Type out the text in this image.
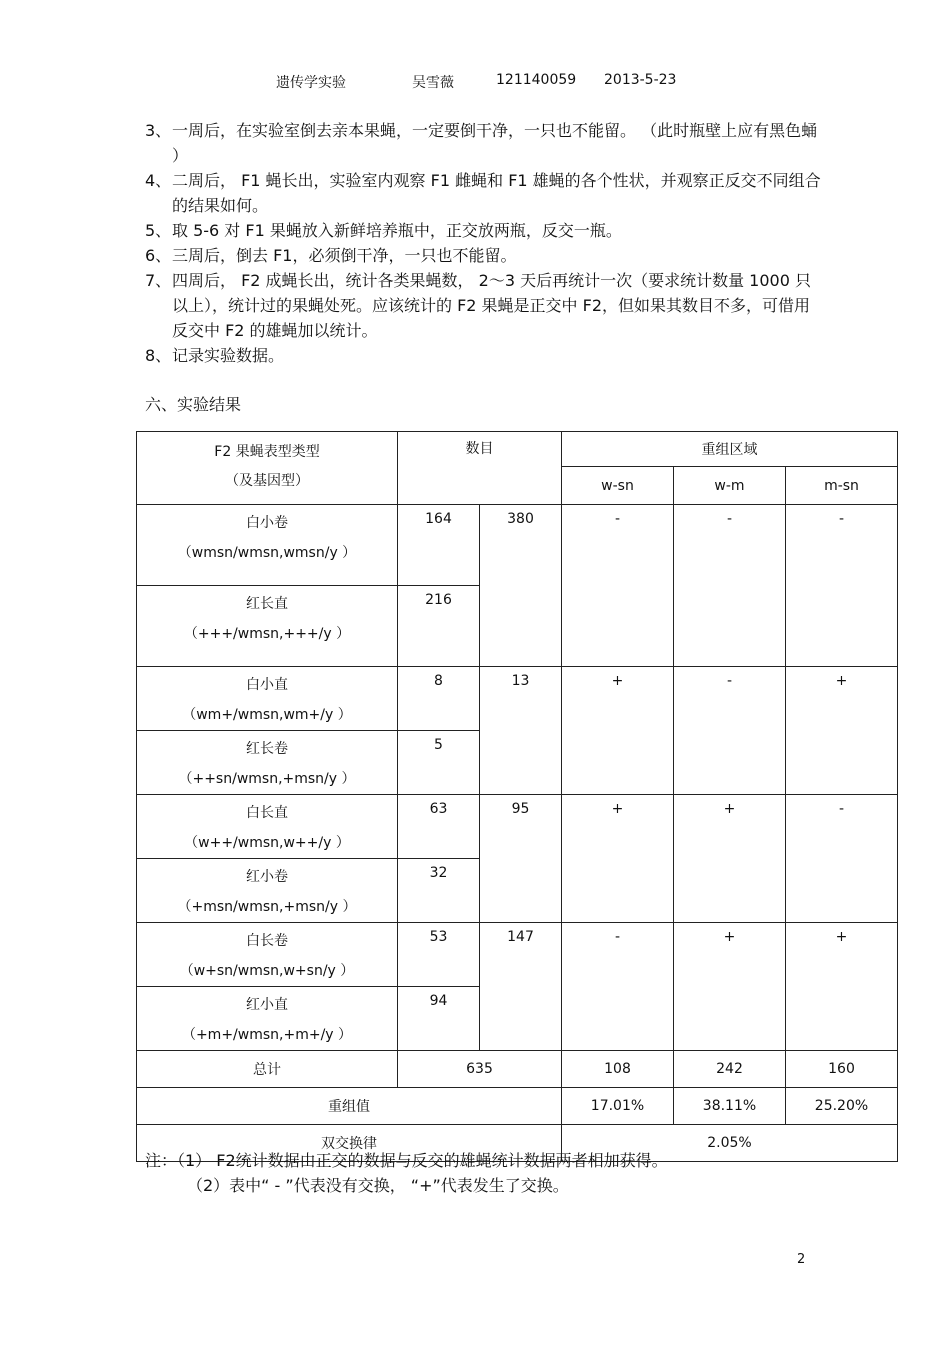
遗传学实验	吴雪薇	121140059 2013-5-23
3、 一周后，在实验室倒去亲本果蝇，一定要倒干净，一只也不能留。 （此时瓶壁上应有黑色蛹 ）
4、 二周后， F1 蝇长出，实验室内观察 F1 雌蝇和 F1 雄蝇的各个性状，并观察正反交不同组合的结果如何。
5、 取 5-6 对 F1 果蝇放入新鲜培养瓶中，正交放两瓶，反交一瓶。
6、 三周后，倒去 F1，必须倒干净，一只也不能留。
7、 四周后， F2 成蝇长出，统计各类果蝇数， 2～3 天后再统计一次（要求统计数量 1000 只以上），统计过的果蝇处死。应该统计的 F2 果蝇是正交中 F2，但如果其数目不多，可借用反交中 F2 的雄蝇加以统计。
8、 记录实验数据。
六、实验结果
F2 果蝇表型类型
（及基因型）	数目		重组区域		
			w-sn	w-m	m-sn

白小卷
（wmsn/wmsn,wmsn/y ）	164	380	-	-	-

红长直
（+++/wmsn,+++/y ）	216				

白小直
（wm+/wmsn,wm+/y ）	8	13	+	-	+

红长卷
（++sn/wmsn,+msn/y ）	5				

白长直
（w++/wmsn,w++/y ）	63	95	+	+	-

红小卷
（+msn/wmsn,+msn/y ）	32				

白长卷
（w+sn/wmsn,w+sn/y ）	53	147	-	+	+

红小直
（+m+/wmsn,+m+/y ）	94				
总计	635		108	242	160
重组值			17.01%	38.11%	25.20%
双交换律			2.05%		
注：（1） F2统计数据由正交的数据与反交的雄蝇统计数据两者相加获得。
（2）表中“ - ”代表没有交换， “+”代表发生了交换。
2
